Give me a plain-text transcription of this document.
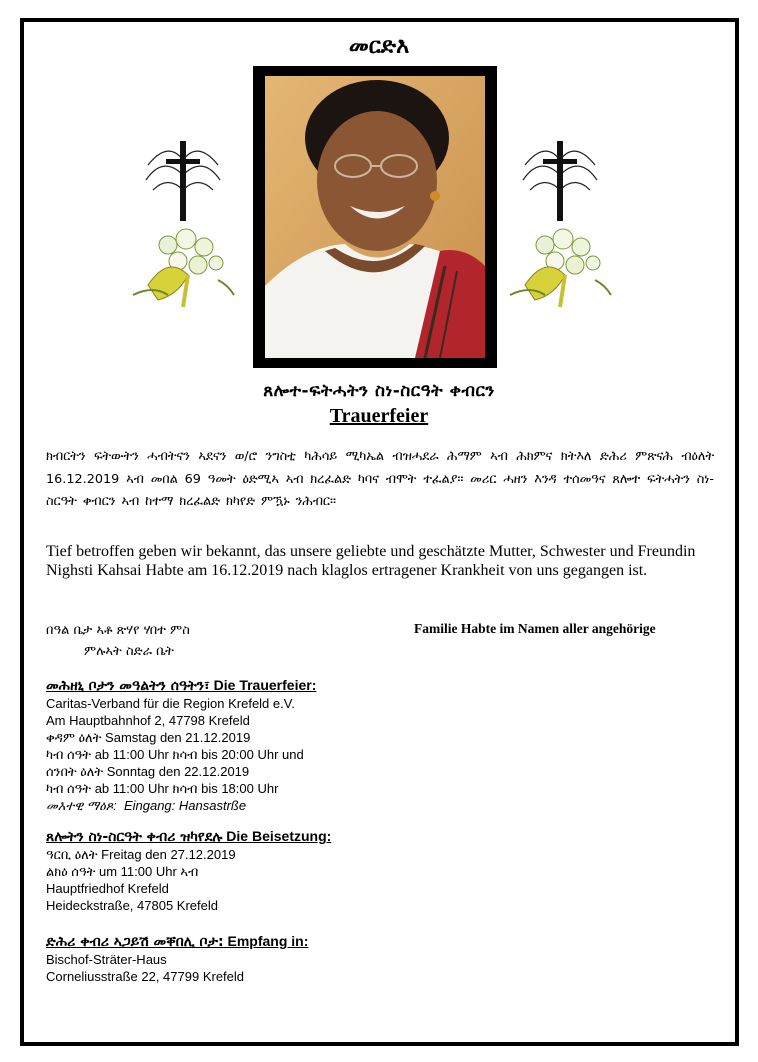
መርድእ
ጸሎተ-ፍትሓትን ስነ-ስርዓት ቀብርን
Trauerfeier
ክብርትን ፍትውትን ሓብትናን ኣደናን ወ/ሮ ንግስቲ ካሕሳይ ሚካኤል ብዝሓደራ ሕማም ኣብ ሕክምና ክትእለ ድሕሪ ምጽናሕ ብዕለት 16.12.2019 ኣብ መበል 69 ዓመት ዕድሚኣ ኣብ ክረፈልድ ካባና ብሞት ተፈልያ። መሪር ሓዘን እንዳ ተሰመዓና ጸሎተ ፍትሓትን ስነ-ስርዓት ቀብርን ኣብ ከተማ ክረፈልድ ክካየድ ምዃኑ ንሕብር።
Tief betroffen geben wir bekannt, das unsere geliebte und geschätzte Mutter, Schwester und Freundin Nighsti Kahsai Habte am 16.12.2019 nach klaglos ertragener Krankheit von uns gegangen ist.
በዓል ቤታ ኣቶ ጽሃየ ሃበተ ምስ
ምሉኣት ስድራ ቤት
Familie Habte im Namen aller angehörige
መሕዘኒ ቦታን መዓልትን ሰዓትን፣ Die Trauerfeier:
Caritas-Verband für die Region Krefeld e.V.
Am Hauptbahnhof 2, 47798 Krefeld
ቀዳም ዕለት Samstag den 21.12.2019
ካብ ሰዓት ab 11:00 Uhr ክሳብ bis 20:00 Uhr und
ሰንበት ዕለት Sonntag den 22.12.2019
ካብ ሰዓት ab 11:00 Uhr ክሳብ bis 18:00 Uhr
መእተዊ ማዕጾ:  Eingang: Hansastrße
ጸሎትን ስነ-ስርዓት ቀብሪ ዝካየደሉ Die Beisetzung:
ዓርቢ ዕለት Freitag den 27.12.2019
ልክዕ ሰዓት um 11:00 Uhr ኣብ
Hauptfriedhof Krefeld
Heideckstraße, 47805 Krefeld
ድሕሪ ቀብሪ ኣጋይሽ መቐበሊ ቦታ: Empfang in:
Bischof-Sträter-Haus
Corneliusstraße 22, 47799 Krefeld
